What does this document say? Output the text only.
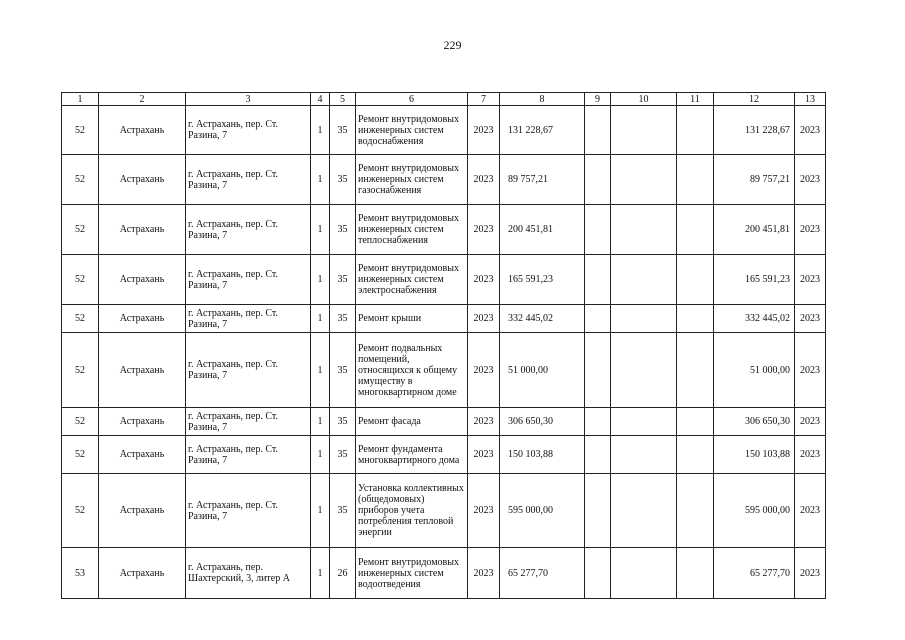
229
1	2	3	4	5	6	7	8	9	10	11	12	13
52	Астрахань	г. Астрахань, пер. Ст. Разина, 7	1	35	Ремонт внутридомовых инженерных систем водоснабжения	2023	131 228,67				131 228,67	2023
52	Астрахань	г. Астрахань, пер. Ст. Разина, 7	1	35	Ремонт внутридомовых инженерных систем газоснабжения	2023	89 757,21				89 757,21	2023
52	Астрахань	г. Астрахань, пер. Ст. Разина, 7	1	35	Ремонт внутридомовых инженерных систем теплоснабжения	2023	200 451,81				200 451,81	2023
52	Астрахань	г. Астрахань, пер. Ст. Разина, 7	1	35	Ремонт внутридомовых инженерных систем электроснабжения	2023	165 591,23				165 591,23	2023
52	Астрахань	г. Астрахань, пер. Ст. Разина, 7	1	35	Ремонт крыши	2023	332 445,02				332 445,02	2023
52	Астрахань	г. Астрахань, пер. Ст. Разина, 7	1	35	Ремонт подвальных помещений, относящихся к общему имуществу в многоквартирном доме	2023	51 000,00				51 000,00	2023
52	Астрахань	г. Астрахань, пер. Ст. Разина, 7	1	35	Ремонт фасада	2023	306 650,30				306 650,30	2023
52	Астрахань	г. Астрахань, пер. Ст. Разина, 7	1	35	Ремонт фундамента многоквартирного дома	2023	150 103,88				150 103,88	2023
52	Астрахань	г. Астрахань, пер. Ст. Разина, 7	1	35	Установка коллективных (общедомовых) приборов учета потребления тепловой энергии	2023	595 000,00				595 000,00	2023
53	Астрахань	г. Астрахань, пер. Шахтерский, 3, литер А	1	26	Ремонт внутридомовых инженерных систем водоотведения	2023	65 277,70				65 277,70	2023
